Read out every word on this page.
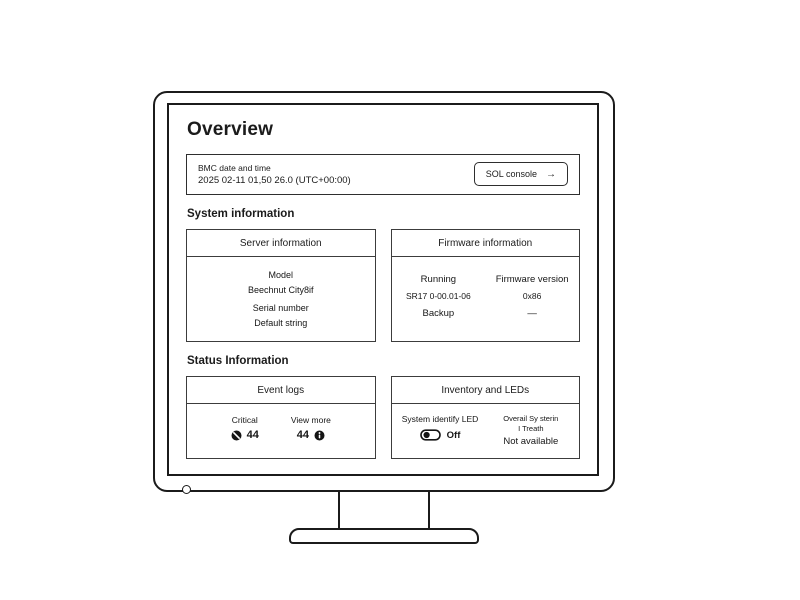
Overview
BMC date and time
2025 02-11 01,50 26.0 (UTC+00:00)
SOL console →
System information
Server information
Model
Beechnut City8if
Serial number
Default string
Firmware information
Running
SR17 0-00.01-06
Backup
Firmware version
0x86
—
Status Information
Event logs
Critical
44
View more
44
Inventory and LEDs
System identify LED
Off
Overail Sy sterin
I Treath
Not available
